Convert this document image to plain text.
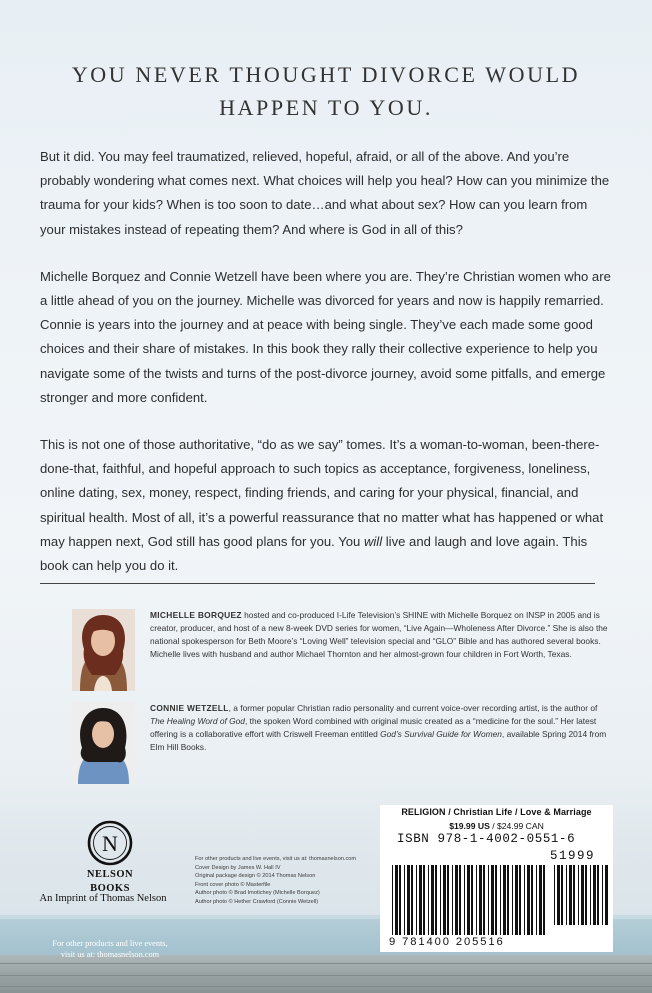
YOU NEVER THOUGHT DIVORCE WOULD HAPPEN TO YOU.

But it did. You may feel traumatized, relieved, hopeful, afraid, or all of the above. And you’re probably wondering what comes next. What choices will help you heal? How can you minimize the trauma for your kids? When is too soon to date…and what about sex? How can you learn from your mistakes instead of repeating them? And where is God in all of this?

Michelle Borquez and Connie Wetzell have been where you are. They’re Christian women who are a little ahead of you on the journey. Michelle was divorced for years and now is happily remarried. Connie is years into the journey and at peace with being single. They’ve each made some good choices and their share of mistakes. In this book they rally their collective experience to help you navigate some of the twists and turns of the post-divorce journey, avoid some pitfalls, and emerge stronger and more confident.

This is not one of those authoritative, “do as we say” tomes. It’s a woman-to-woman, been-there-done-that, faithful, and hopeful approach to such topics as acceptance, forgiveness, loneliness, online dating, sex, money, respect, finding friends, and caring for your physical, financial, and spiritual health. Most of all, it’s a powerful reassurance that no matter what has happened or what may happen next, God still has good plans for you. You will live and laugh and love again. This book can help you do it.

MICHELLE BORQUEZ hosted and co-produced I-Life Television’s SHINE with Michelle Borquez on INSP in 2005 and is creator, producer, and host of a new 8-week DVD series for women, “Live Again—Wholeness After Divorce.” She is also the national spokesperson for Beth Moore’s “Loving Well” television special and “GLO” Bible and has authored several books. Michelle lives with husband and author Michael Thornton and her almost-grown four children in Fort Worth, Texas.
CONNIE WETZELL, a former popular Christian radio personality and current voice-over recording artist, is the author of The Healing Word of God, the spoken Word combined with original music created as a “medicine for the soul.” Her latest offering is a collaborative effort with Criswell Freeman entitled God’s Survival Guide for Women, available Spring 2014 from Elm Hill Books.
N
NELSON
BOOKS
An Imprint of Thomas Nelson
For other products and live events,
visit us at: thomasnelson.com
For other products and live events, visit us at: thomasnelson.com
Cover Design by James W. Hall IV
Original package design © 2014 Thomas Nelson
Front cover photo © Masterfile
Author photo © Brad Imotichey (Michelle Borquez)
Author photo © Hether Crawford (Connie Wetzell)
RELIGION / Christian Life / Love & Marriage
$19.99 US / $24.99 CAN
ISBN 978-1-4002-0551-6
51999
9 781400 205516
